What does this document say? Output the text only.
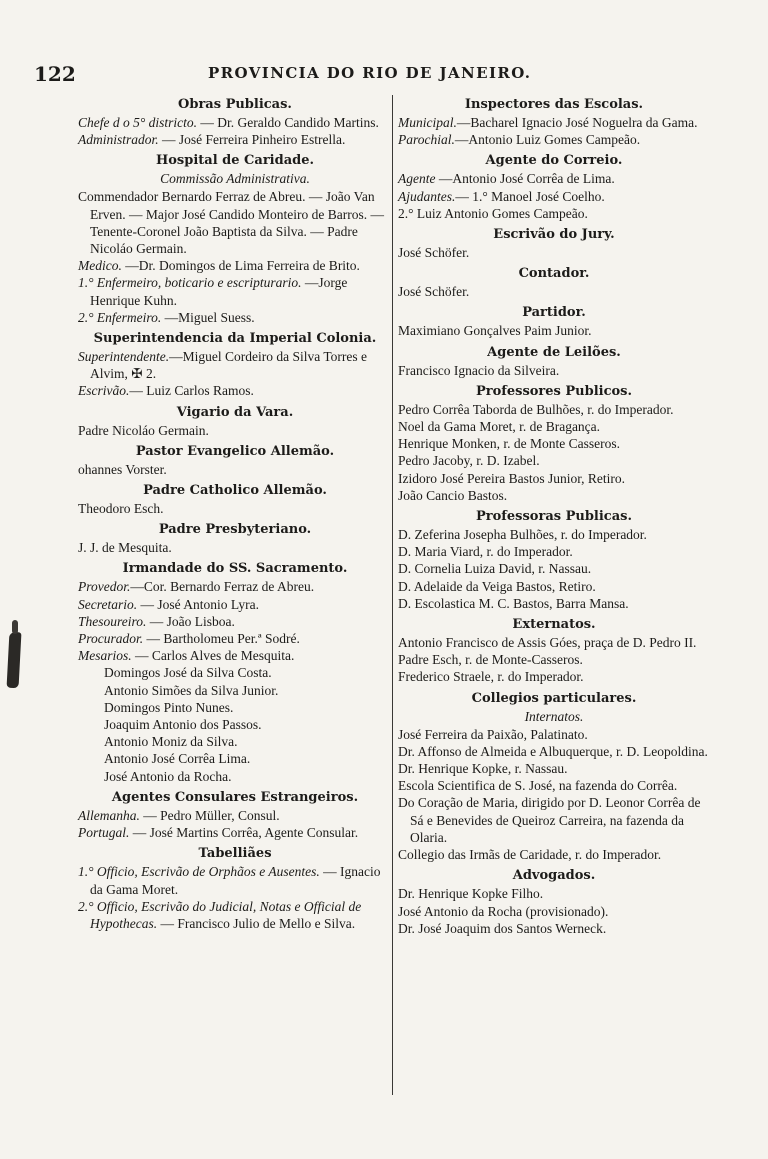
122	PROVINCIA DO RIO DE JANEIRO.
Obras Publicas.
Chefe d o 5° districto. — Dr. Geraldo Candido Martins.
Administrador. — José Ferreira Pinheiro Estrella.
Hospital de Caridade.
Commissão Administrativa.
Commendador Bernardo Ferraz de Abreu. — João Van Erven. — Major José Candido Monteiro de Barros. — Tenente-Coronel João Baptista da Silva. — Padre Nicoláo Germain.
Medico. —Dr. Domingos de Lima Ferreira de Brito.
1.° Enfermeiro, boticario e escripturario. —Jorge Henrique Kuhn.
2.° Enfermeiro. —Miguel Suess.
Superintendencia da Imperial Colonia.
Superintendente.—Miguel Cordeiro da Silva Torres e Alvim, ✠ 2.
Escrivão.— Luiz Carlos Ramos.
Vigario da Vara.
Padre Nicoláo Germain.
Pastor Evangelico Allemão.
ohannes Vorster.
Padre Catholico Allemão.
Theodoro Esch.
Padre Presbyteriano.
J. J. de Mesquita.
Irmandade do SS. Sacramento.
Provedor.—Cor. Bernardo Ferraz de Abreu.
Secretario. — José Antonio Lyra.
Thesoureiro. — João Lisboa.
Procurador. — Bartholomeu Per.ª Sodré.
Mesarios. — Carlos Alves de Mesquita.
Domingos José da Silva Costa.
Antonio Simões da Silva Junior.
Domingos Pinto Nunes.
Joaquim Antonio dos Passos.
Antonio Moniz da Silva.
Antonio José Corrêa Lima.
José Antonio da Rocha.
Agentes Consulares Estrangeiros.
Allemanha. — Pedro Müller, Consul.
Portugal. — José Martins Corrêa, Agente Consular.
Tabelliães
1.° Officio, Escrivão de Orphãos e Ausentes. — Ignacio da Gama Moret.
2.° Officio, Escrivão do Judicial, Notas e Official de Hypothecas. — Francisco Julio de Mello e Silva.
Inspectores das Escolas.
Municipal.—Bacharel Ignacio José Noguelra da Gama.
Parochial.—Antonio Luiz Gomes Campeão.
Agente do Correio.
Agente —Antonio José Corrêa de Lima.
Ajudantes.— 1.° Manoel José Coelho.
2.° Luiz Antonio Gomes Campeão.
Escrivão do Jury.
José Schöfer.
Contador.
José Schöfer.
Partidor.
Maximiano Gonçalves Paim Junior.
Agente de Leilões.
Francisco Ignacio da Silveira.
Professores Publicos.
Pedro Corrêa Taborda de Bulhões, r. do Imperador.
Noel da Gama Moret, r. de Bragança.
Henrique Monken, r. de Monte Casseros.
Pedro Jacoby, r. D. Izabel.
Izidoro José Pereira Bastos Junior, Retiro.
João Cancio Bastos.
Professoras Publicas.
D. Zeferina Josepha Bulhões, r. do Imperador.
D. Maria Viard, r. do Imperador.
D. Cornelia Luiza David, r. Nassau.
D. Adelaide da Veiga Bastos, Retiro.
D. Escolastica M. C. Bastos, Barra Mansa.
Externatos.
Antonio Francisco de Assis Góes, praça de D. Pedro II.
Padre Esch, r. de Monte-Casseros.
Frederico Straele, r. do Imperador.
Collegios particulares.
Internatos.
José Ferreira da Paixão, Palatinato.
Dr. Affonso de Almeida e Albuquerque, r. D. Leopoldina.
Dr. Henrique Kopke, r. Nassau.
Escola Scientifica de S. José, na fazenda do Corrêa.
Do Coração de Maria, dirigido por D. Leonor Corrêa de Sá e Benevides de Queiroz Carreira, na fazenda da Olaria.
Collegio das Irmãs de Caridade, r. do Imperador.
Advogados.
Dr. Henrique Kopke Filho.
José Antonio da Rocha (provisionado).
Dr. José Joaquim dos Santos Werneck.
